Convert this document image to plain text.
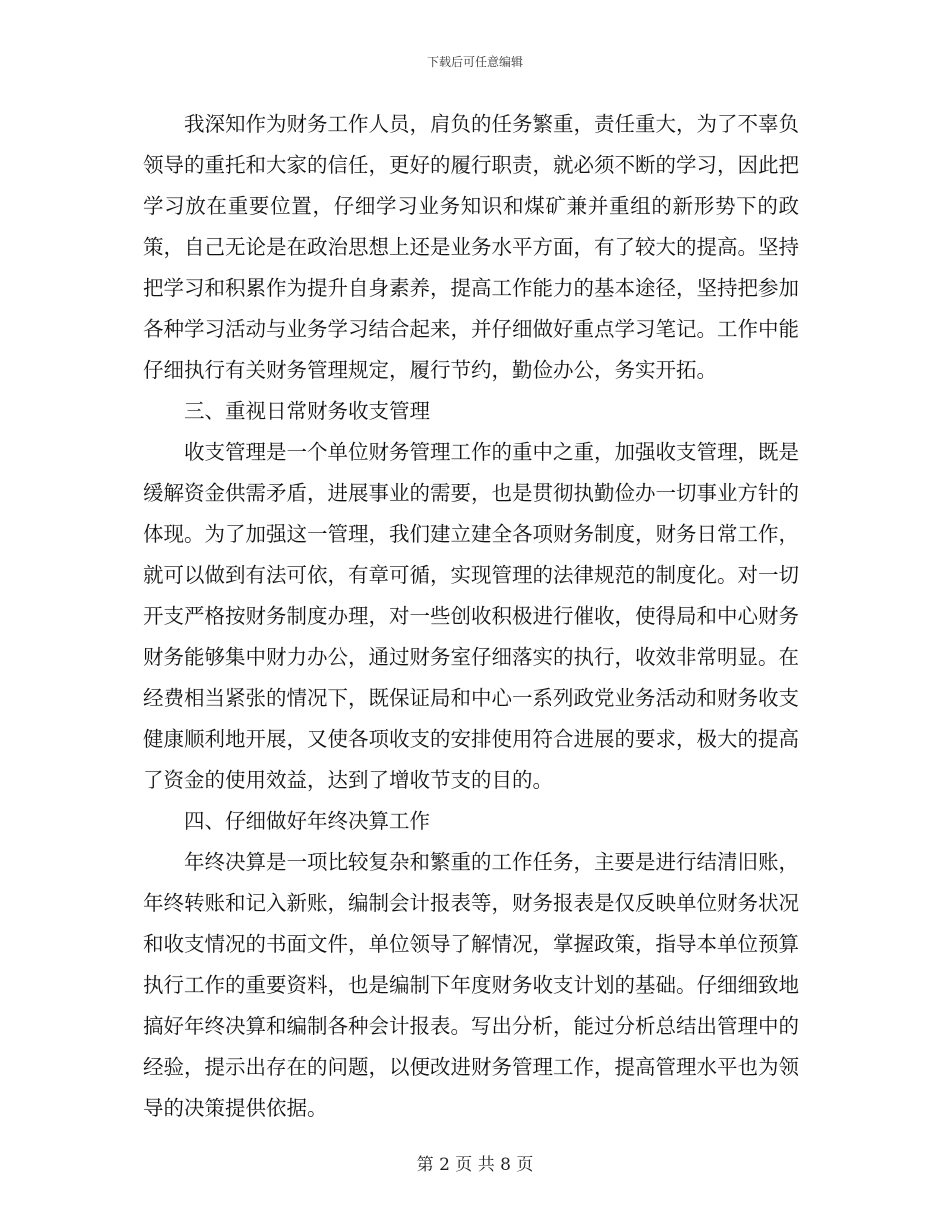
下载后可任意编辑

我深知作为财务工作人员，肩负的任务繁重，责任重大，为了不辜负领导的重托和大家的信任，更好的履行职责，就必须不断的学习，因此把学习放在重要位置，仔细学习业务知识和煤矿兼并重组的新形势下的政策，自己无论是在政治思想上还是业务水平方面，有了较大的提高。坚持把学习和积累作为提升自身素养，提高工作能力的基本途径，坚持把参加各种学习活动与业务学习结合起来，并仔细做好重点学习笔记。工作中能仔细执行有关财务管理规定，履行节约，勤俭办公，务实开拓。

三、重视日常财务收支管理

收支管理是一个单位财务管理工作的重中之重，加强收支管理，既是缓解资金供需矛盾，进展事业的需要，也是贯彻执勤俭办一切事业方针的体现。为了加强这一管理，我们建立建全各项财务制度，财务日常工作，就可以做到有法可依，有章可循，实现管理的法律规范的制度化。对一切开支严格按财务制度办理，对一些创收积极进行催收，使得局和中心财务财务能够集中财力办公，通过财务室仔细落实的执行，收效非常明显。在经费相当紧张的情况下，既保证局和中心一系列政党业务活动和财务收支健康顺利地开展，又使各项收支的安排使用符合进展的要求，极大的提高了资金的使用效益，达到了增收节支的目的。

四、仔细做好年终决算工作

年终决算是一项比较复杂和繁重的工作任务，主要是进行结清旧账，年终转账和记入新账，编制会计报表等，财务报表是仅反映单位财务状况和收支情况的书面文件，单位领导了解情况，掌握政策，指导本单位预算执行工作的重要资料，也是编制下年度财务收支计划的基础。仔细细致地搞好年终决算和编制各种会计报表。写出分析，能过分析总结出管理中的经验，提示出存在的问题，以便改进财务管理工作，提高管理水平也为领导的决策提供依据。

第 2 页 共 8 页
